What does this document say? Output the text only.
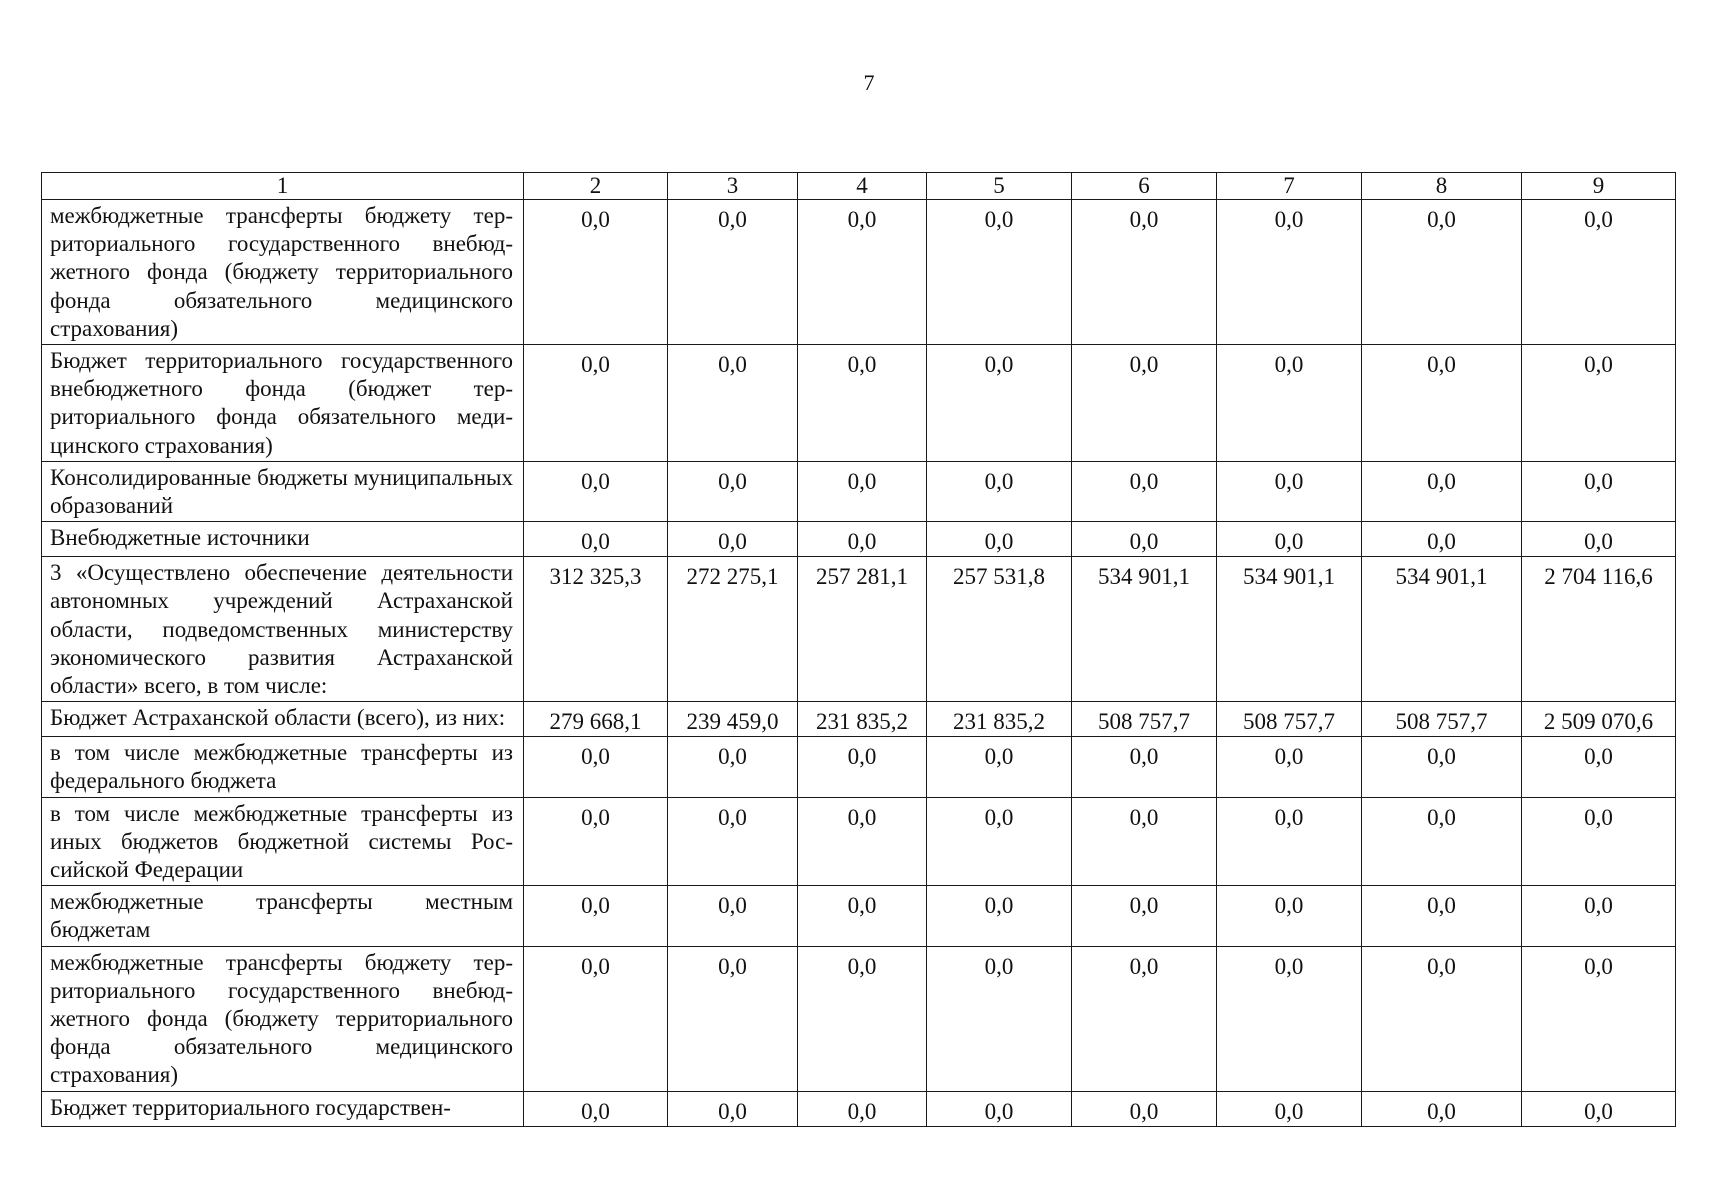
7
1	2	3	4	5	6	7	8	9
межбюджетные трансферты бюджету территориального государственного внебюджетного фонда (бюджету территориального фонда обязательного медицинского страхования)	0,0	0,0	0,0	0,0	0,0	0,0	0,0	0,0
Бюджет территориального государственного внебюджетного фонда (бюджет территориального фонда обязательного медицинского страхования)	0,0	0,0	0,0	0,0	0,0	0,0	0,0	0,0
Консолидированные бюджеты муниципальных образований	0,0	0,0	0,0	0,0	0,0	0,0	0,0	0,0
Внебюджетные источники	0,0	0,0	0,0	0,0	0,0	0,0	0,0	0,0
3 «Осуществлено обеспечение деятельности автономных учреждений Астраханской области, подведомственных министерству экономического развития Астраханской области» всего, в том числе:	312 325,3	272 275,1	257 281,1	257 531,8	534 901,1	534 901,1	534 901,1	2 704 116,6
Бюджет Астраханской области (всего), из них:	279 668,1	239 459,0	231 835,2	231 835,2	508 757,7	508 757,7	508 757,7	2 509 070,6
в том числе межбюджетные трансферты из федерального бюджета	0,0	0,0	0,0	0,0	0,0	0,0	0,0	0,0
в том числе межбюджетные трансферты из иных бюджетов бюджетной системы Российской Федерации	0,0	0,0	0,0	0,0	0,0	0,0	0,0	0,0
межбюджетные трансферты местным бюджетам	0,0	0,0	0,0	0,0	0,0	0,0	0,0	0,0
межбюджетные трансферты бюджету территориального государственного внебюджетного фонда (бюджету территориального фонда обязательного медицинского страхования)	0,0	0,0	0,0	0,0	0,0	0,0	0,0	0,0
Бюджет территориального государствен-	0,0	0,0	0,0	0,0	0,0	0,0	0,0	0,0
